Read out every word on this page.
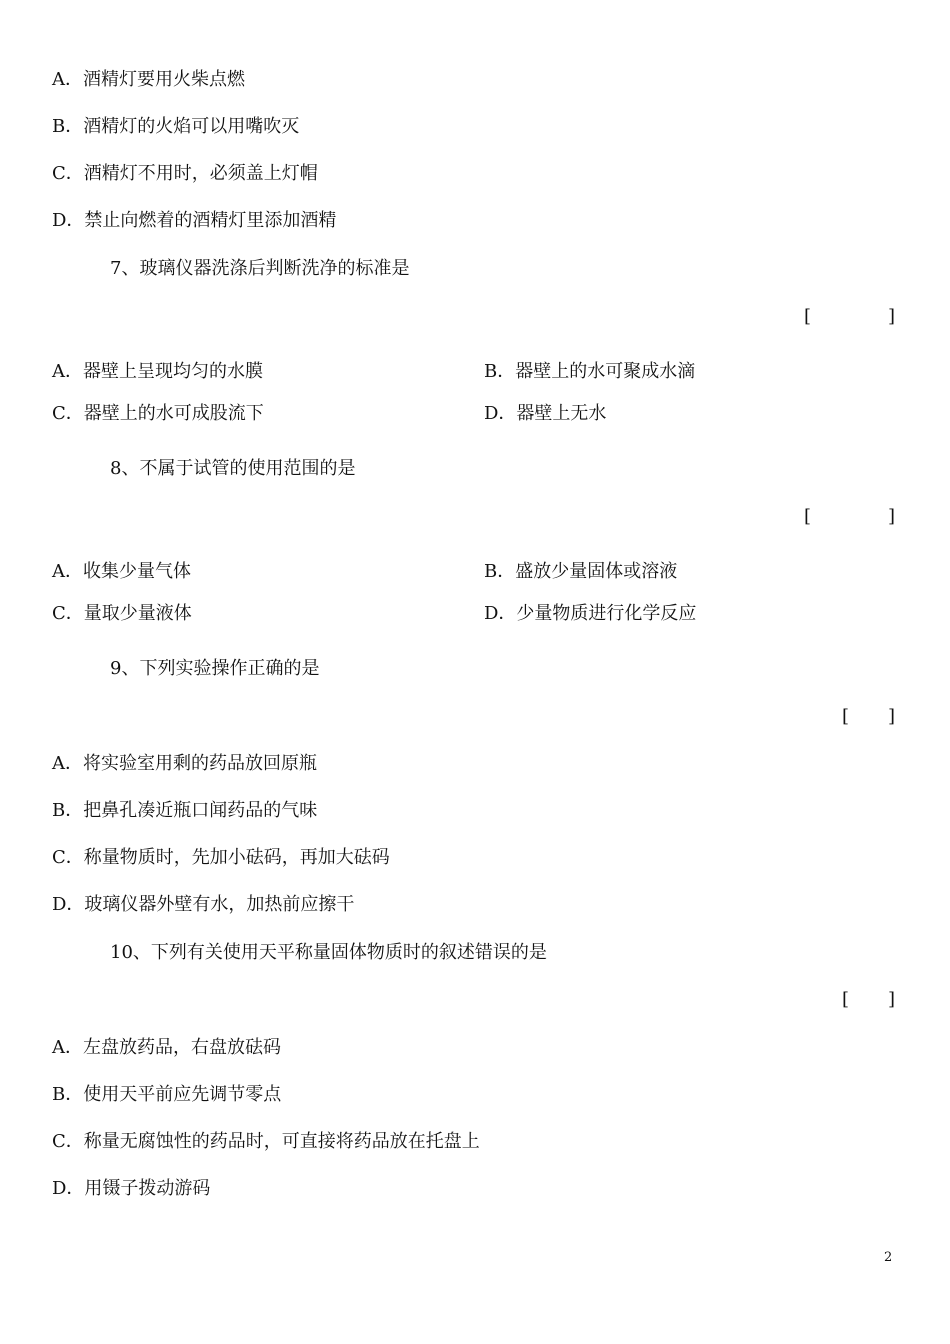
A．酒精灯要用火柴点燃
B．酒精灯的火焰可以用嘴吹灭
C．酒精灯不用时，必须盖上灯帽
D．禁止向燃着的酒精灯里添加酒精
7、玻璃仪器洗涤后判断洗净的标准是
[	]
A．器壁上呈现均匀的水膜	B．器壁上的水可聚成水滴
C．器壁上的水可成股流下	D．器壁上无水
8、不属于试管的使用范围的是
[	]
A．收集少量气体	B．盛放少量固体或溶液
C．量取少量液体	D．少量物质进行化学反应
9、下列实验操作正确的是
[ ]
A．将实验室用剩的药品放回原瓶
B．把鼻孔凑近瓶口闻药品的气味
C．称量物质时，先加小砝码，再加大砝码
D．玻璃仪器外壁有水，加热前应擦干
10、下列有关使用天平称量固体物质时的叙述错误的是
[ ]
A．左盘放药品，右盘放砝码
B．使用天平前应先调节零点
C．称量无腐蚀性的药品时，可直接将药品放在托盘上
D．用镊子拨动游码
2
